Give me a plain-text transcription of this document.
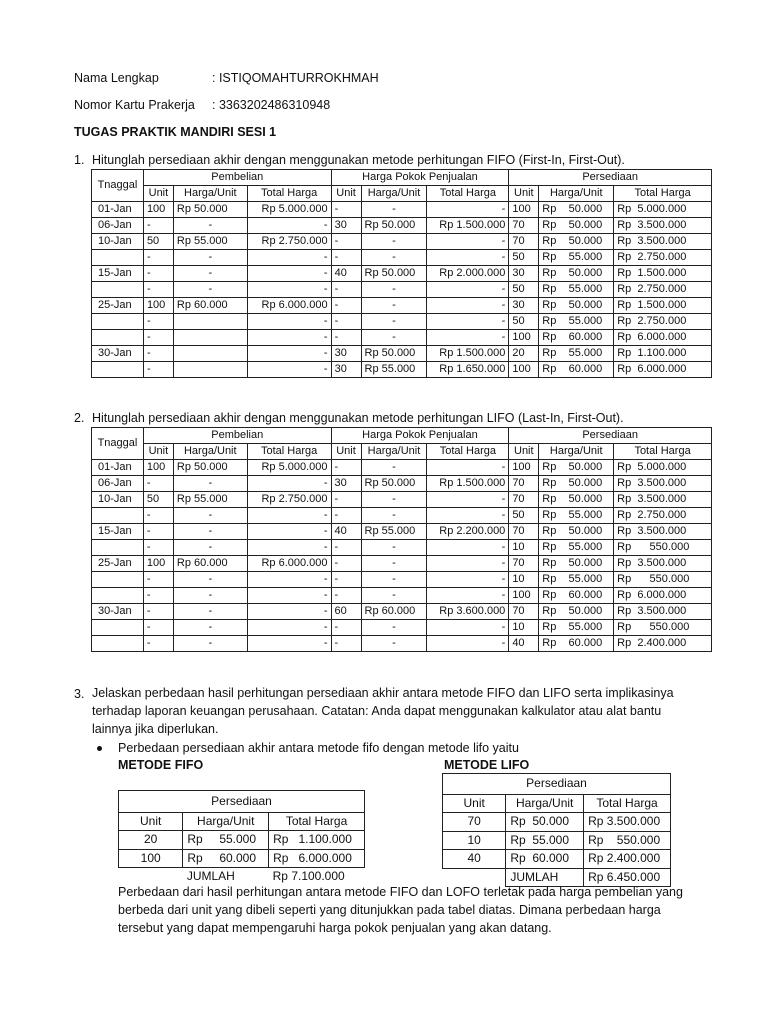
Nama Lengkap	: ISTIQOMAHTURROKHMAH
Nomor Kartu Prakerja : 3363202486310948
TUGAS PRAKTIK MANDIRI SESI 1
1. Hitunglah persediaan akhir dengan menggunakan metode perhitungan FIFO (First-In, First-Out).
Tnaggal	Pembelian			Harga Pokok Penjualan			Persediaan		
	Unit	Harga/Unit	Total Harga	Unit	Harga/Unit	Total Harga	Unit	Harga/Unit	Total Harga
01-Jan	100	Rp 50.000	Rp 5.000.000	-	-	-	100	Rp    50.000	Rp  5.000.000
06-Jan	-	-	-	30	Rp 50.000	Rp 1.500.000	70	Rp    50.000	Rp  3.500.000
10-Jan	50	Rp 55.000	Rp 2.750.000	-	-	-	70	Rp    50.000	Rp  3.500.000
	-	-	-	-	-	-	50	Rp    55.000	Rp  2.750.000
15-Jan	-	-	-	40	Rp 50.000	Rp 2.000.000	30	Rp    50.000	Rp  1.500.000
	-	-	-	-	-	-	50	Rp    55.000	Rp  2.750.000
25-Jan	100	Rp 60.000	Rp 6.000.000	-	-	-	30	Rp    50.000	Rp  1.500.000
	-		-	-	-	-	50	Rp    55.000	Rp  2.750.000
	-		-	-	-	-	100	Rp    60.000	Rp  6.000.000
30-Jan	-		-	30	Rp 50.000	Rp 1.500.000	20	Rp    55.000	Rp  1.100.000
	-		-	30	Rp 55.000	Rp 1.650.000	100	Rp    60.000	Rp  6.000.000
2. Hitunglah persediaan akhir dengan menggunakan metode perhitungan LIFO (Last-In, First-Out).
Tnaggal	Pembelian			Harga Pokok Penjualan			Persediaan		
	Unit	Harga/Unit	Total Harga	Unit	Harga/Unit	Total Harga	Unit	Harga/Unit	Total Harga
01-Jan	100	Rp 50.000	Rp 5.000.000	-	-	-	100	Rp    50.000	Rp  5.000.000
06-Jan	-	-	-	30	Rp 50.000	Rp 1.500.000	70	Rp    50.000	Rp  3.500.000
10-Jan	50	Rp 55.000	Rp 2.750.000	-	-	-	70	Rp    50.000	Rp  3.500.000
	-	-	-	-	-	-	50	Rp    55.000	Rp  2.750.000
15-Jan	-	-	-	40	Rp 55.000	Rp 2.200.000	70	Rp    50.000	Rp  3.500.000
	-	-	-	-	-	-	10	Rp    55.000	Rp      550.000
25-Jan	100	Rp 60.000	Rp 6.000.000	-	-	-	70	Rp    50.000	Rp  3.500.000
	-	-	-	-	-	-	10	Rp    55.000	Rp      550.000
	-	-	-	-	-	-	100	Rp    60.000	Rp  6.000.000
30-Jan	-	-	-	60	Rp 60.000	Rp 3.600.000	70	Rp    50.000	Rp  3.500.000
	-	-	-	-	-	-	10	Rp    55.000	Rp      550.000
	-	-	-	-	-	-	40	Rp    60.000	Rp  2.400.000
3. Jelaskan perbedaan hasil perhitungan persediaan akhir antara metode FIFO dan LIFO serta implikasinya terhadap laporan keuangan perusahaan. Catatan: Anda dapat menggunakan kalkulator atau alat bantu lainnya jika diperlukan.
Perbedaan persediaan akhir antara metode fifo dengan metode lifo yaitu
METODE FIFO	METODE LIFO
Persediaan		
Unit	Harga/Unit	Total Harga
20	Rp     55.000	Rp   1.100.000
100	Rp     60.000	Rp   6.000.000
	JUMLAH	Rp 7.100.000
Persediaan		
Unit	Harga/Unit	Total Harga
70	Rp  50.000	Rp 3.500.000
10	Rp  55.000	Rp    550.000
40	Rp  60.000	Rp 2.400.000
	JUMLAH	Rp 6.450.000
Perbedaan dari hasil perhitungan antara metode FIFO dan LOFO terletak pada harga pembelian yang berbeda dari unit yang dibeli seperti yang ditunjukkan pada tabel diatas. Dimana perbedaan harga tersebut yang dapat mempengaruhi harga pokok penjualan yang akan datang.
